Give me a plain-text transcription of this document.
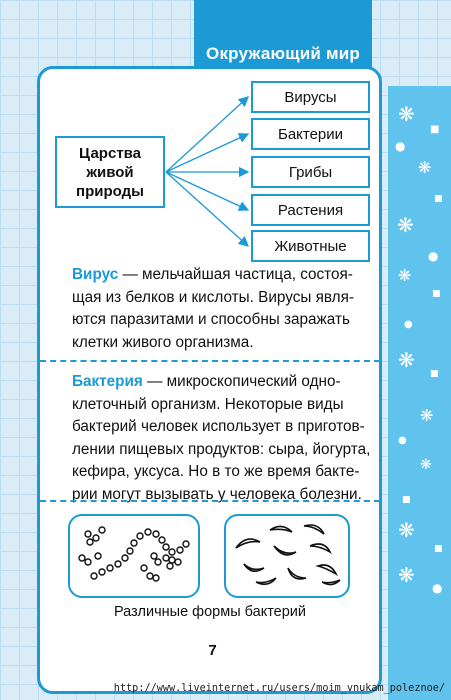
❋
■
●
❋
■
❋
●
❋
■
●
❋
■
❋
●
❋
■
❋
■
❋
●
Окружающий мир
Царства живой природы
Вирусы
Бактерии
Грибы
Растения
Животные
Вирус — мельчайшая частица, состоя-
щая из белков и кислоты. Вирусы явля-
ются паразитами и способны заражать
клетки живого организма.
Бактерия — микроскопический одно-
клеточный организм. Некоторые виды
бактерий человек использует в приготов-
лении пищевых продуктов: сыра, йогурта,
кефира, уксуса. Но в то же время бакте-
рии могут вызывать у человека болезни.
Различные формы бактерий
7
http://www.liveinternet.ru/users/moim_vnukam_poleznoe/
